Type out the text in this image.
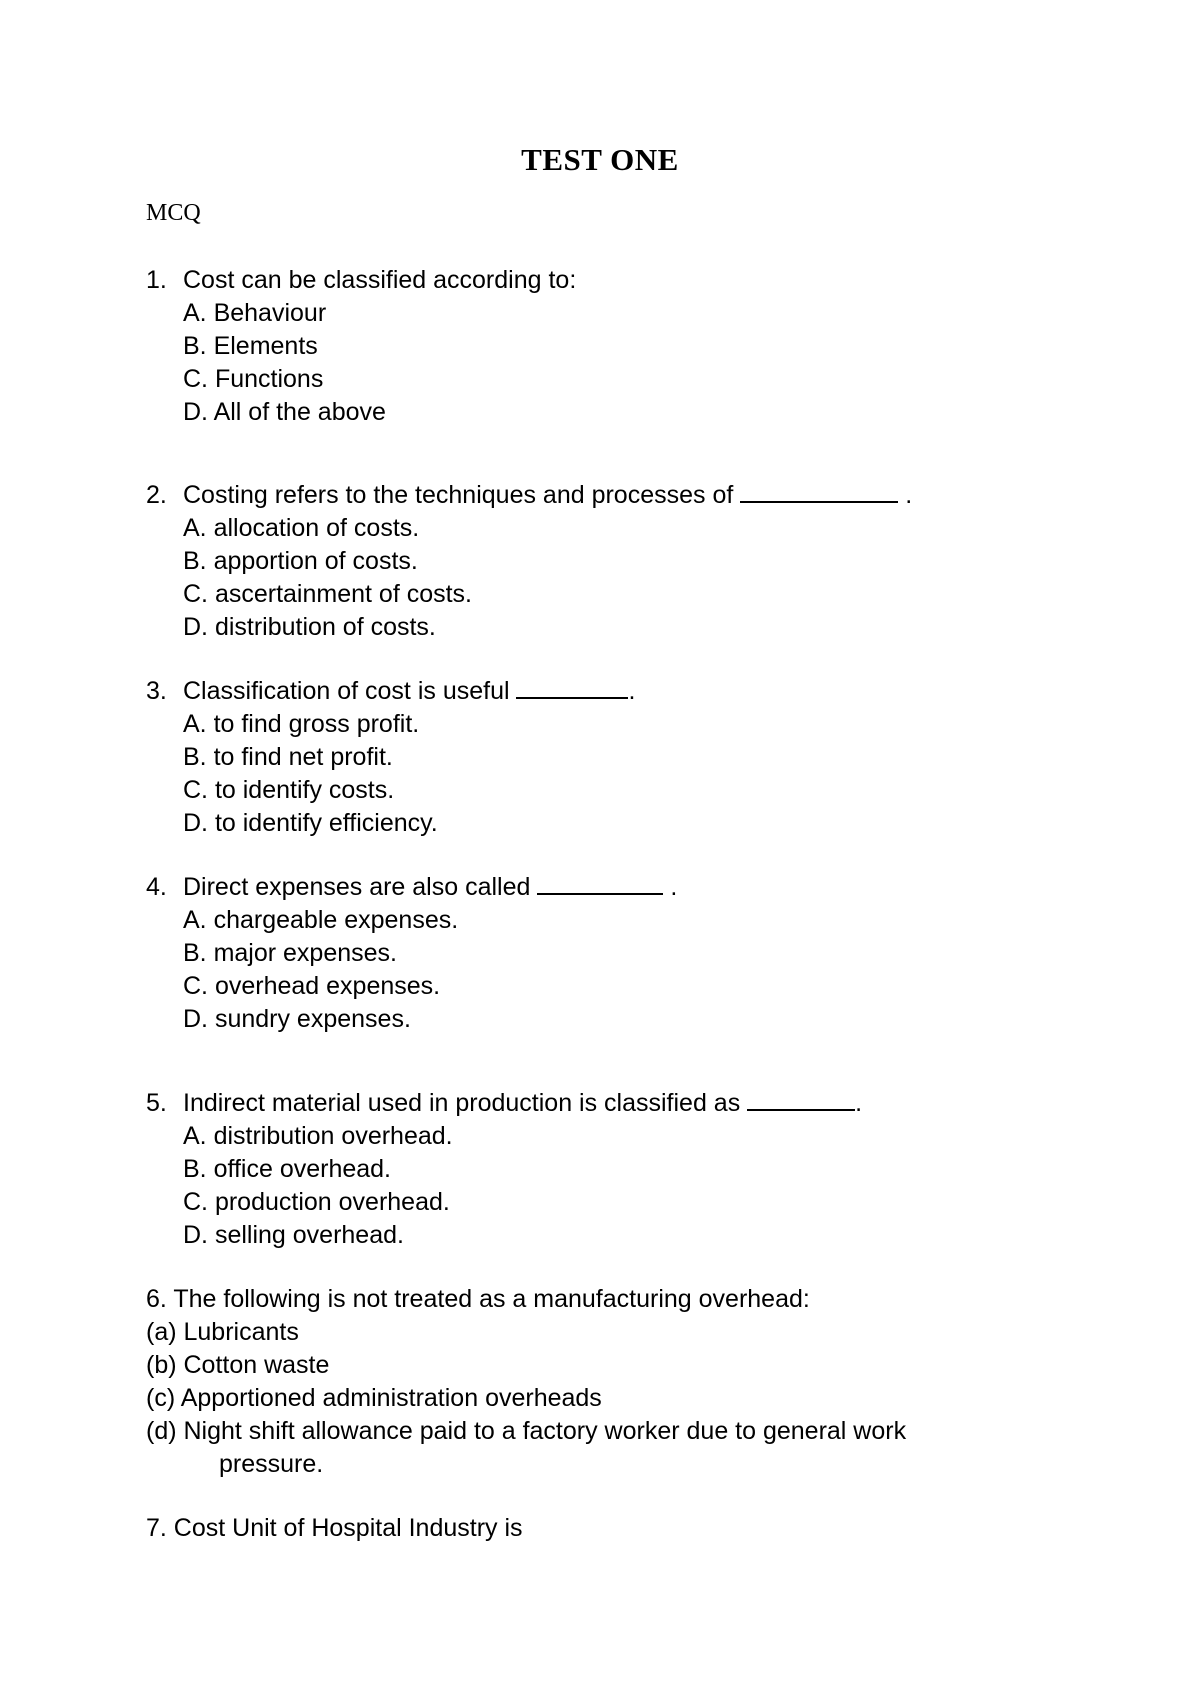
TEST ONE
MCQ
1. Cost can be classified according to:
A. Behaviour
B. Elements
C. Functions
D. All of the above
2. Costing refers to the techniques and processes of	.
A. allocation of costs.
B. apportion of costs.
C. ascertainment of costs.
D. distribution of costs.
3. Classification of cost is useful	.
A. to find gross profit.
B. to find net profit.
C. to identify costs.
D. to identify efficiency.
4. Direct expenses are also called	.
A. chargeable expenses.
B. major expenses.
C. overhead expenses.
D. sundry expenses.
5. Indirect material used in production is classified as	.
A. distribution overhead.
B. office overhead.
C. production overhead.
D. selling overhead.
6. The following is not treated as a manufacturing overhead:
(a) Lubricants
(b) Cotton waste
(c) Apportioned administration overheads
(d) Night shift allowance paid to a factory worker due to general work
pressure.
7. Cost Unit of Hospital Industry is
